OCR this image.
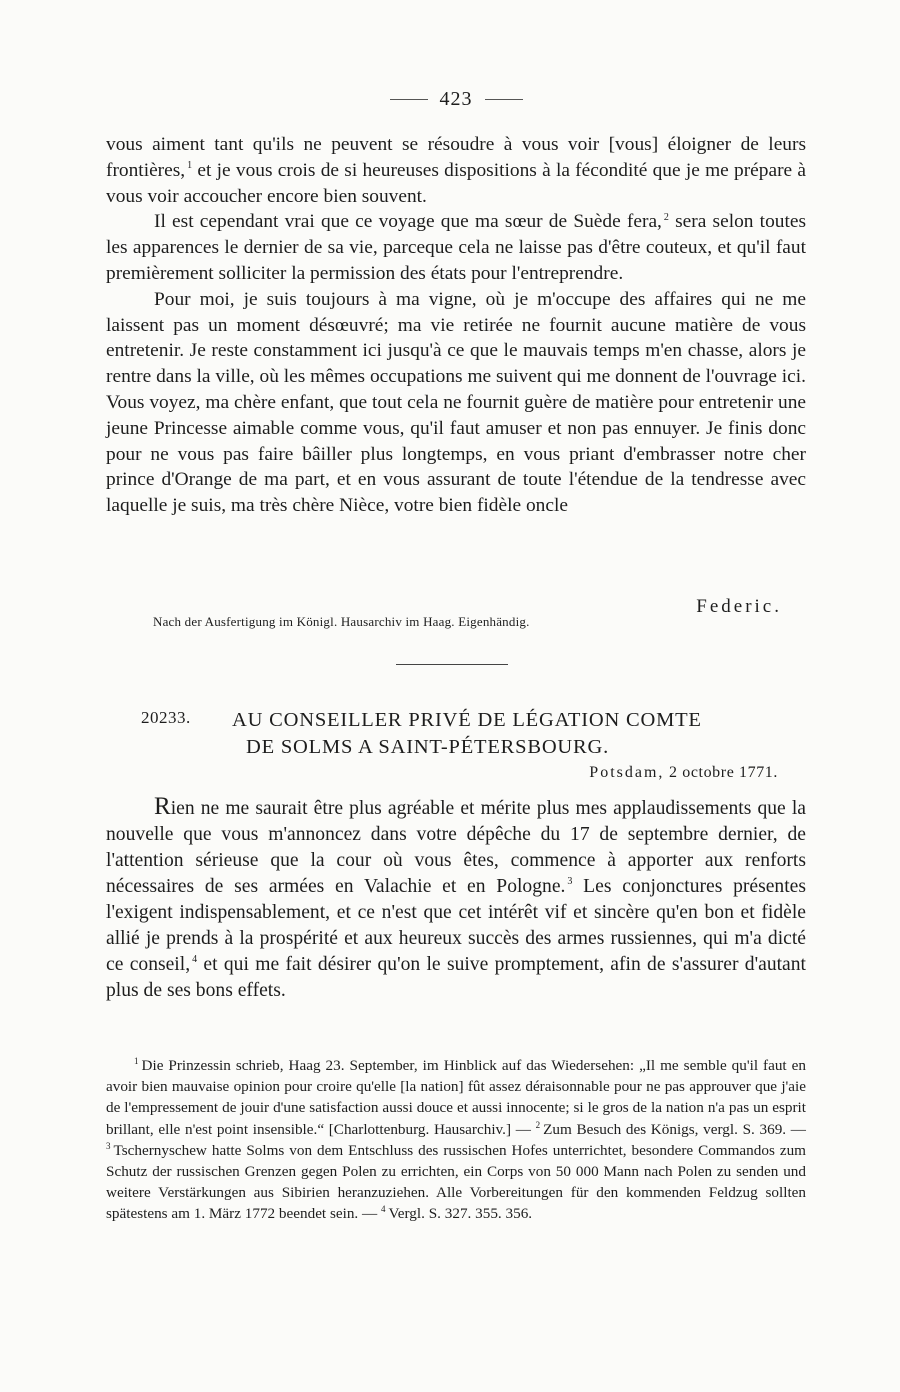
423

vous aiment tant qu'ils ne peuvent se résoudre à vous voir [vous] éloigner de leurs frontières, $^1$ et je vous crois de si heureuses dispositions à la fécondité que je me prépare à vous voir accoucher encore bien souvent.

Il est cependant vrai que ce voyage que ma sœur de Suède fera, $^2$ sera selon toutes les apparences le dernier de sa vie, parceque cela ne laisse pas d'être couteux, et qu'il faut premièrement solliciter la permission des états pour l'entreprendre.

Pour moi, je suis toujours à ma vigne, où je m'occupe des affaires qui ne me laissent pas un moment désœuvré; ma vie retirée ne fournit aucune matière de vous entretenir. Je reste constamment ici jusqu'à ce que le mauvais temps m'en chasse, alors je rentre dans la ville, où les mêmes occupations me suivent qui me donnent de l'ouvrage ici. Vous voyez, ma chère enfant, que tout cela ne fournit guère de matière pour entretenir une jeune Princesse aimable comme vous, qu'il faut amuser et non pas ennuyer. Je finis donc pour ne vous pas faire bâiller plus longtemps, en vous priant d'embrasser notre cher prince d'Orange de ma part, et en vous assurant de toute l'étendue de la tendresse avec laquelle je suis, ma très chère Nièce, votre bien fidèle oncle

Federic.
Nach der Ausfertigung im Königl. Hausarchiv im Haag. Eigenhändig.
20233. AU CONSEILLER PRIVÉ DE LÉGATION COMTE
DE SOLMS A SAINT-PÉTERSBOURG.
Potsdam, 2 octobre 1771.

Rien ne me saurait être plus agréable et mérite plus mes applaudissements que la nouvelle que vous m'annoncez dans votre dépêche du 17 de septembre dernier, de l'attention sérieuse que la cour où vous êtes, commence à apporter aux renforts nécessaires de ses armées en Valachie et en Pologne. $^3$ Les conjonctures présentes l'exigent indispensablement, et ce n'est que cet intérêt vif et sincère qu'en bon et fidèle allié je prends à la prospérité et aux heureux succès des armes russiennes, qui m'a dicté ce conseil, $^4$ et qui me fait désirer qu'on le suive promptement, afin de s'assurer d'autant plus de ses bons effets.

$^1$ Die Prinzessin schrieb, Haag 23. September, im Hinblick auf das Wiedersehen: „Il me semble qu'il faut en avoir bien mauvaise opinion pour croire qu'elle [la nation] fût assez déraisonnable pour ne pas approuver que j'aie de l'empressement de jouir d'une satisfaction aussi douce et aussi innocente; si le gros de la nation n'a pas un esprit brillant, elle n'est point insensible.“ [Charlottenburg. Hausarchiv.] — $^2$ Zum Besuch des Königs, vergl. S. 369. — $^3$ Tschernyschew hatte Solms von dem Entschluss des russischen Hofes unterrichtet, besondere Commandos zum Schutz der russischen Grenzen gegen Polen zu errichten, ein Corps von 50 000 Mann nach Polen zu senden und weitere Verstärkungen aus Sibirien heranzuziehen. Alle Vorbereitungen für den kommenden Feldzug sollten spätestens am 1. März 1772 beendet sein. — $^4$ Vergl. S. 327. 355. 356.
